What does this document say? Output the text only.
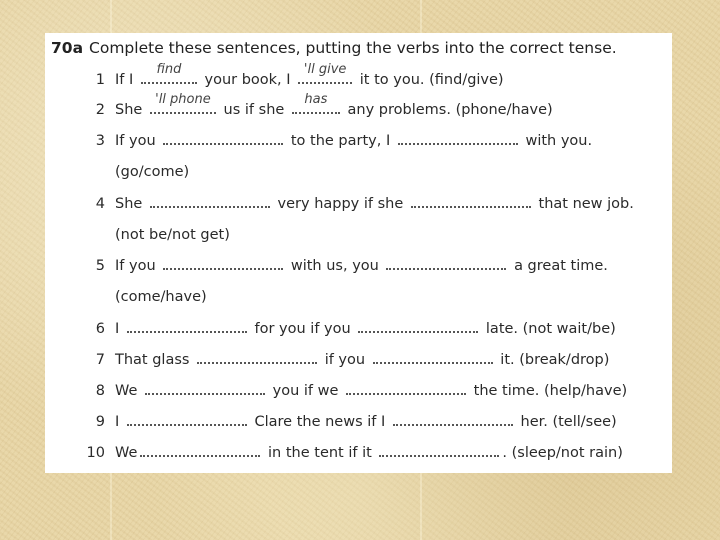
70a Complete these sentences, putting the verbs into the correct tense.
1 If I
find
your book, I
'll give
it to you. (find/give)
2 She
'll phone
us if she
has
any problems. (phone/have)
3 If you	to the party, I	with you.
(go/come)
4 She	very happy if she	that new job.
(not be/not get)
5 If you	with us, you	a great time.
(come/have)
6 I	for you if you	late. (not wait/be)
7 That glass	if you	it. (break/drop)
8 We	you if we	the time. (help/have)
9 I	Clare the news if I	her. (tell/see)
10 We	in the tent if it	. (sleep/not rain)
